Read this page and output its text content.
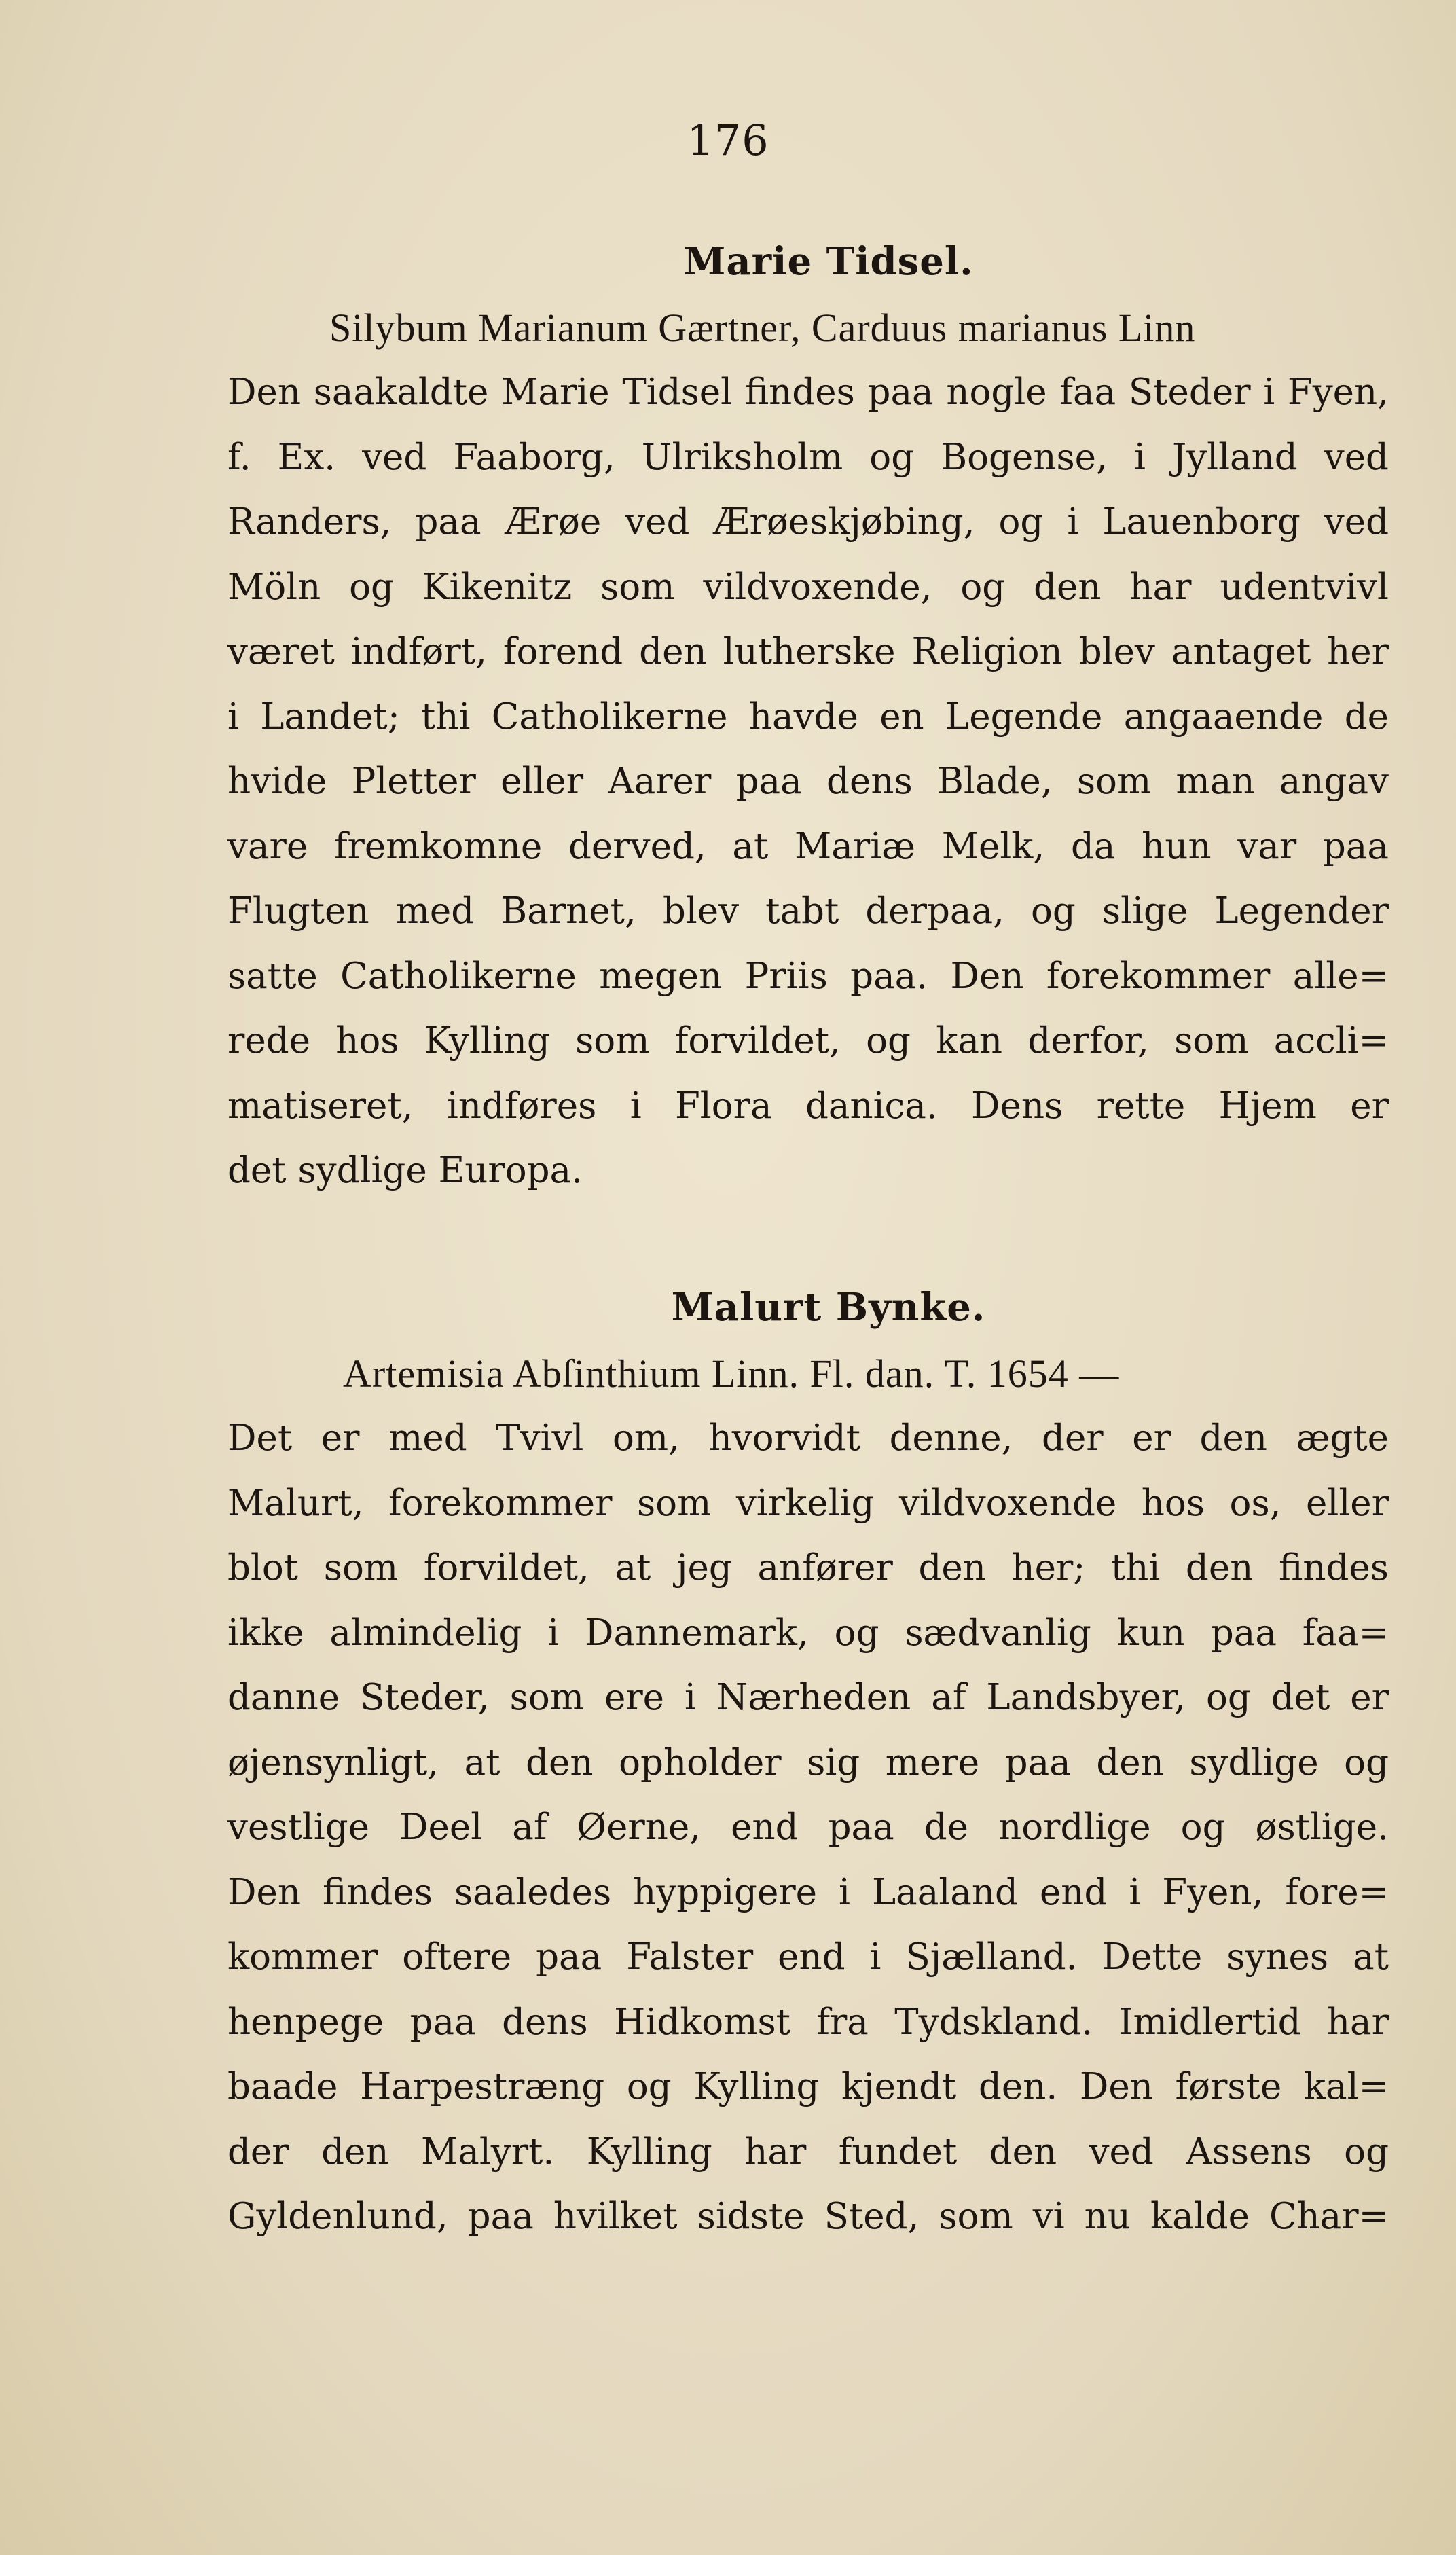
176
Marie Tidsel.
Silybum Marianum Gærtner, Carduus marianus Linn
Den saakaldte Marie Tidsel findes paa nogle faa Steder i Fyen,
f. Ex. ved Faaborg, Ulriksholm og Bogense, i Jylland ved
Randers, paa Ærøe ved Ærøeskjøbing, og i Lauenborg ved
Möln og Kikenitz som vildvoxende, og den har udentvivl
været indført, forend den lutherske Religion blev antaget her
i Landet; thi Catholikerne havde en Legende angaaende de
hvide Pletter eller Aarer paa dens Blade, som man angav
vare fremkomne derved, at Mariæ Melk, da hun var paa
Flugten med Barnet, blev tabt derpaa, og slige Legender
satte Catholikerne megen Priis paa. Den forekommer alle=
rede hos Kylling som forvildet, og kan derfor, som accli=
matiseret, indføres i Flora danica. Dens rette Hjem er
det sydlige Europa.
Malurt Bynke.
Artemisia Abſinthium Linn. Fl. dan. T. 1654 —
Det er med Tvivl om, hvorvidt denne, der er den ægte
Malurt, forekommer som virkelig vildvoxende hos os, eller
blot som forvildet, at jeg anfører den her; thi den findes
ikke almindelig i Dannemark, og sædvanlig kun paa faa=
danne Steder, som ere i Nærheden af Landsbyer, og det er
øjensynligt, at den opholder sig mere paa den sydlige og
vestlige Deel af Øerne, end paa de nordlige og østlige.
Den findes saaledes hyppigere i Laaland end i Fyen, fore=
kommer oftere paa Falster end i Sjælland. Dette synes at
henpege paa dens Hidkomst fra Tydskland. Imidlertid har
baade Harpestræng og Kylling kjendt den. Den første kal=
der den Malyrt. Kylling har fundet den ved Assens og
Gyldenlund, paa hvilket sidste Sted, som vi nu kalde Char=
